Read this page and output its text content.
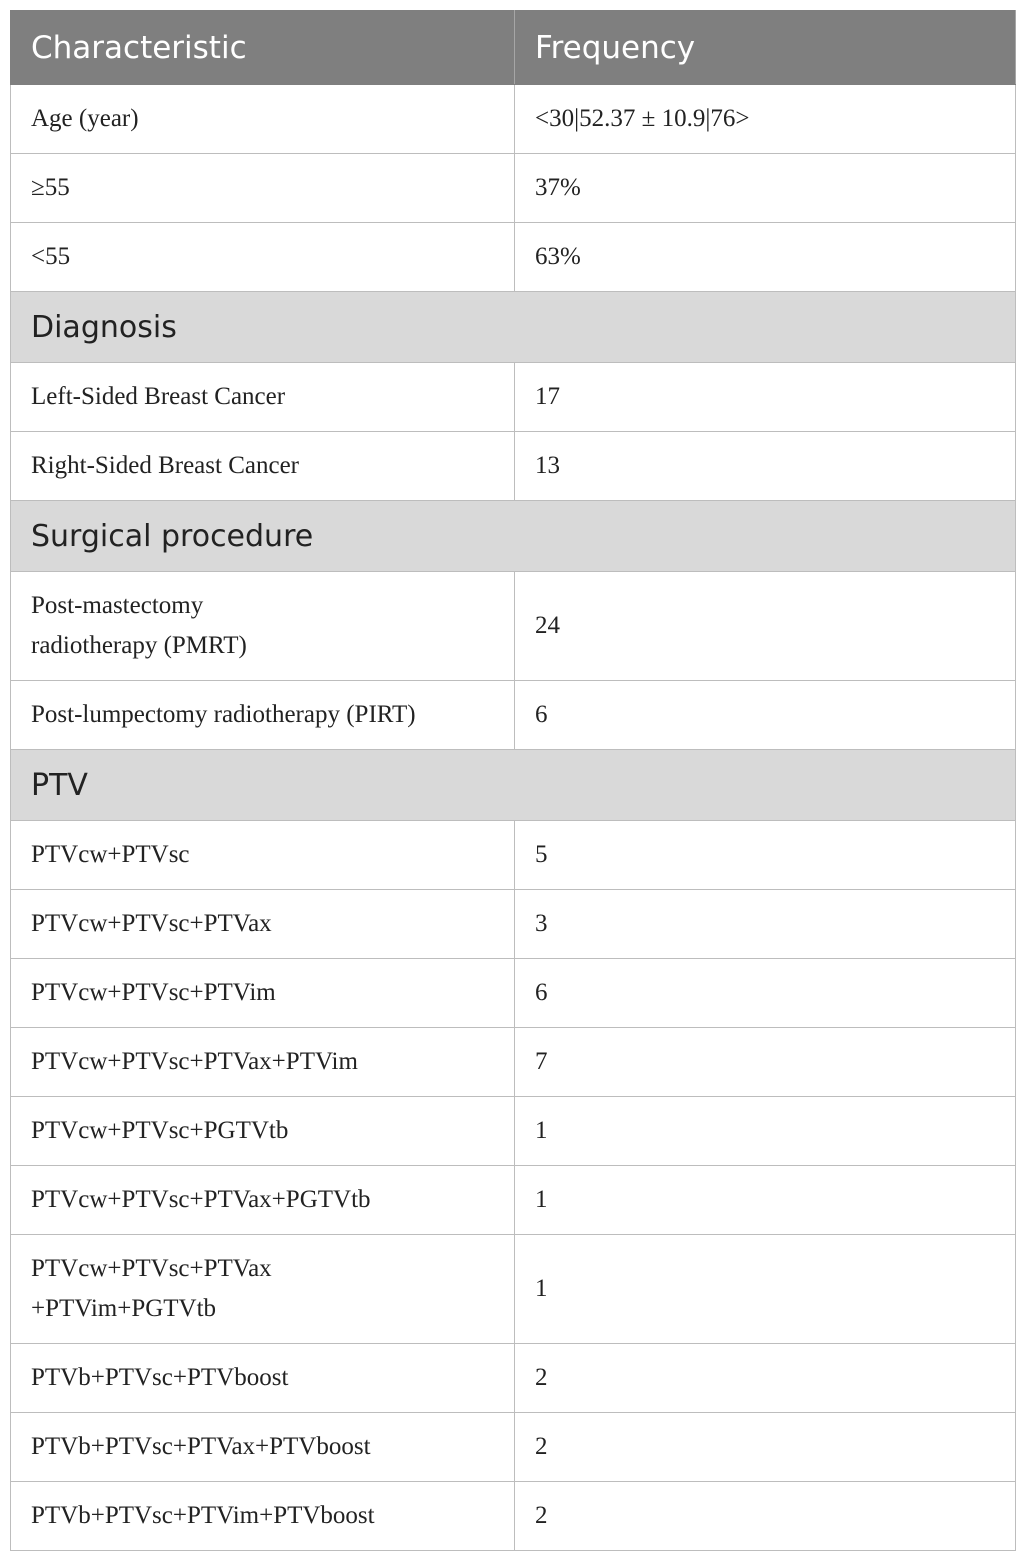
Characteristic	Frequency
Age (year)	<30|52.37 ± 10.9|76>
≥55	37%
<55	63%
Diagnosis	
Left-Sided Breast Cancer	17
Right-Sided Breast Cancer	13
Surgical procedure	
Post-mastectomy
radiotherapy (PMRT)	24
Post-lumpectomy radiotherapy (PIRT)	6
PTV	
PTVcw+PTVsc	5
PTVcw+PTVsc+PTVax	3
PTVcw+PTVsc+PTVim	6
PTVcw+PTVsc+PTVax+PTVim	7
PTVcw+PTVsc+PGTVtb	1
PTVcw+PTVsc+PTVax+PGTVtb	1
PTVcw+PTVsc+PTVax
+PTVim+PGTVtb	1
PTVb+PTVsc+PTVboost	2
PTVb+PTVsc+PTVax+PTVboost	2
PTVb+PTVsc+PTVim+PTVboost	2
